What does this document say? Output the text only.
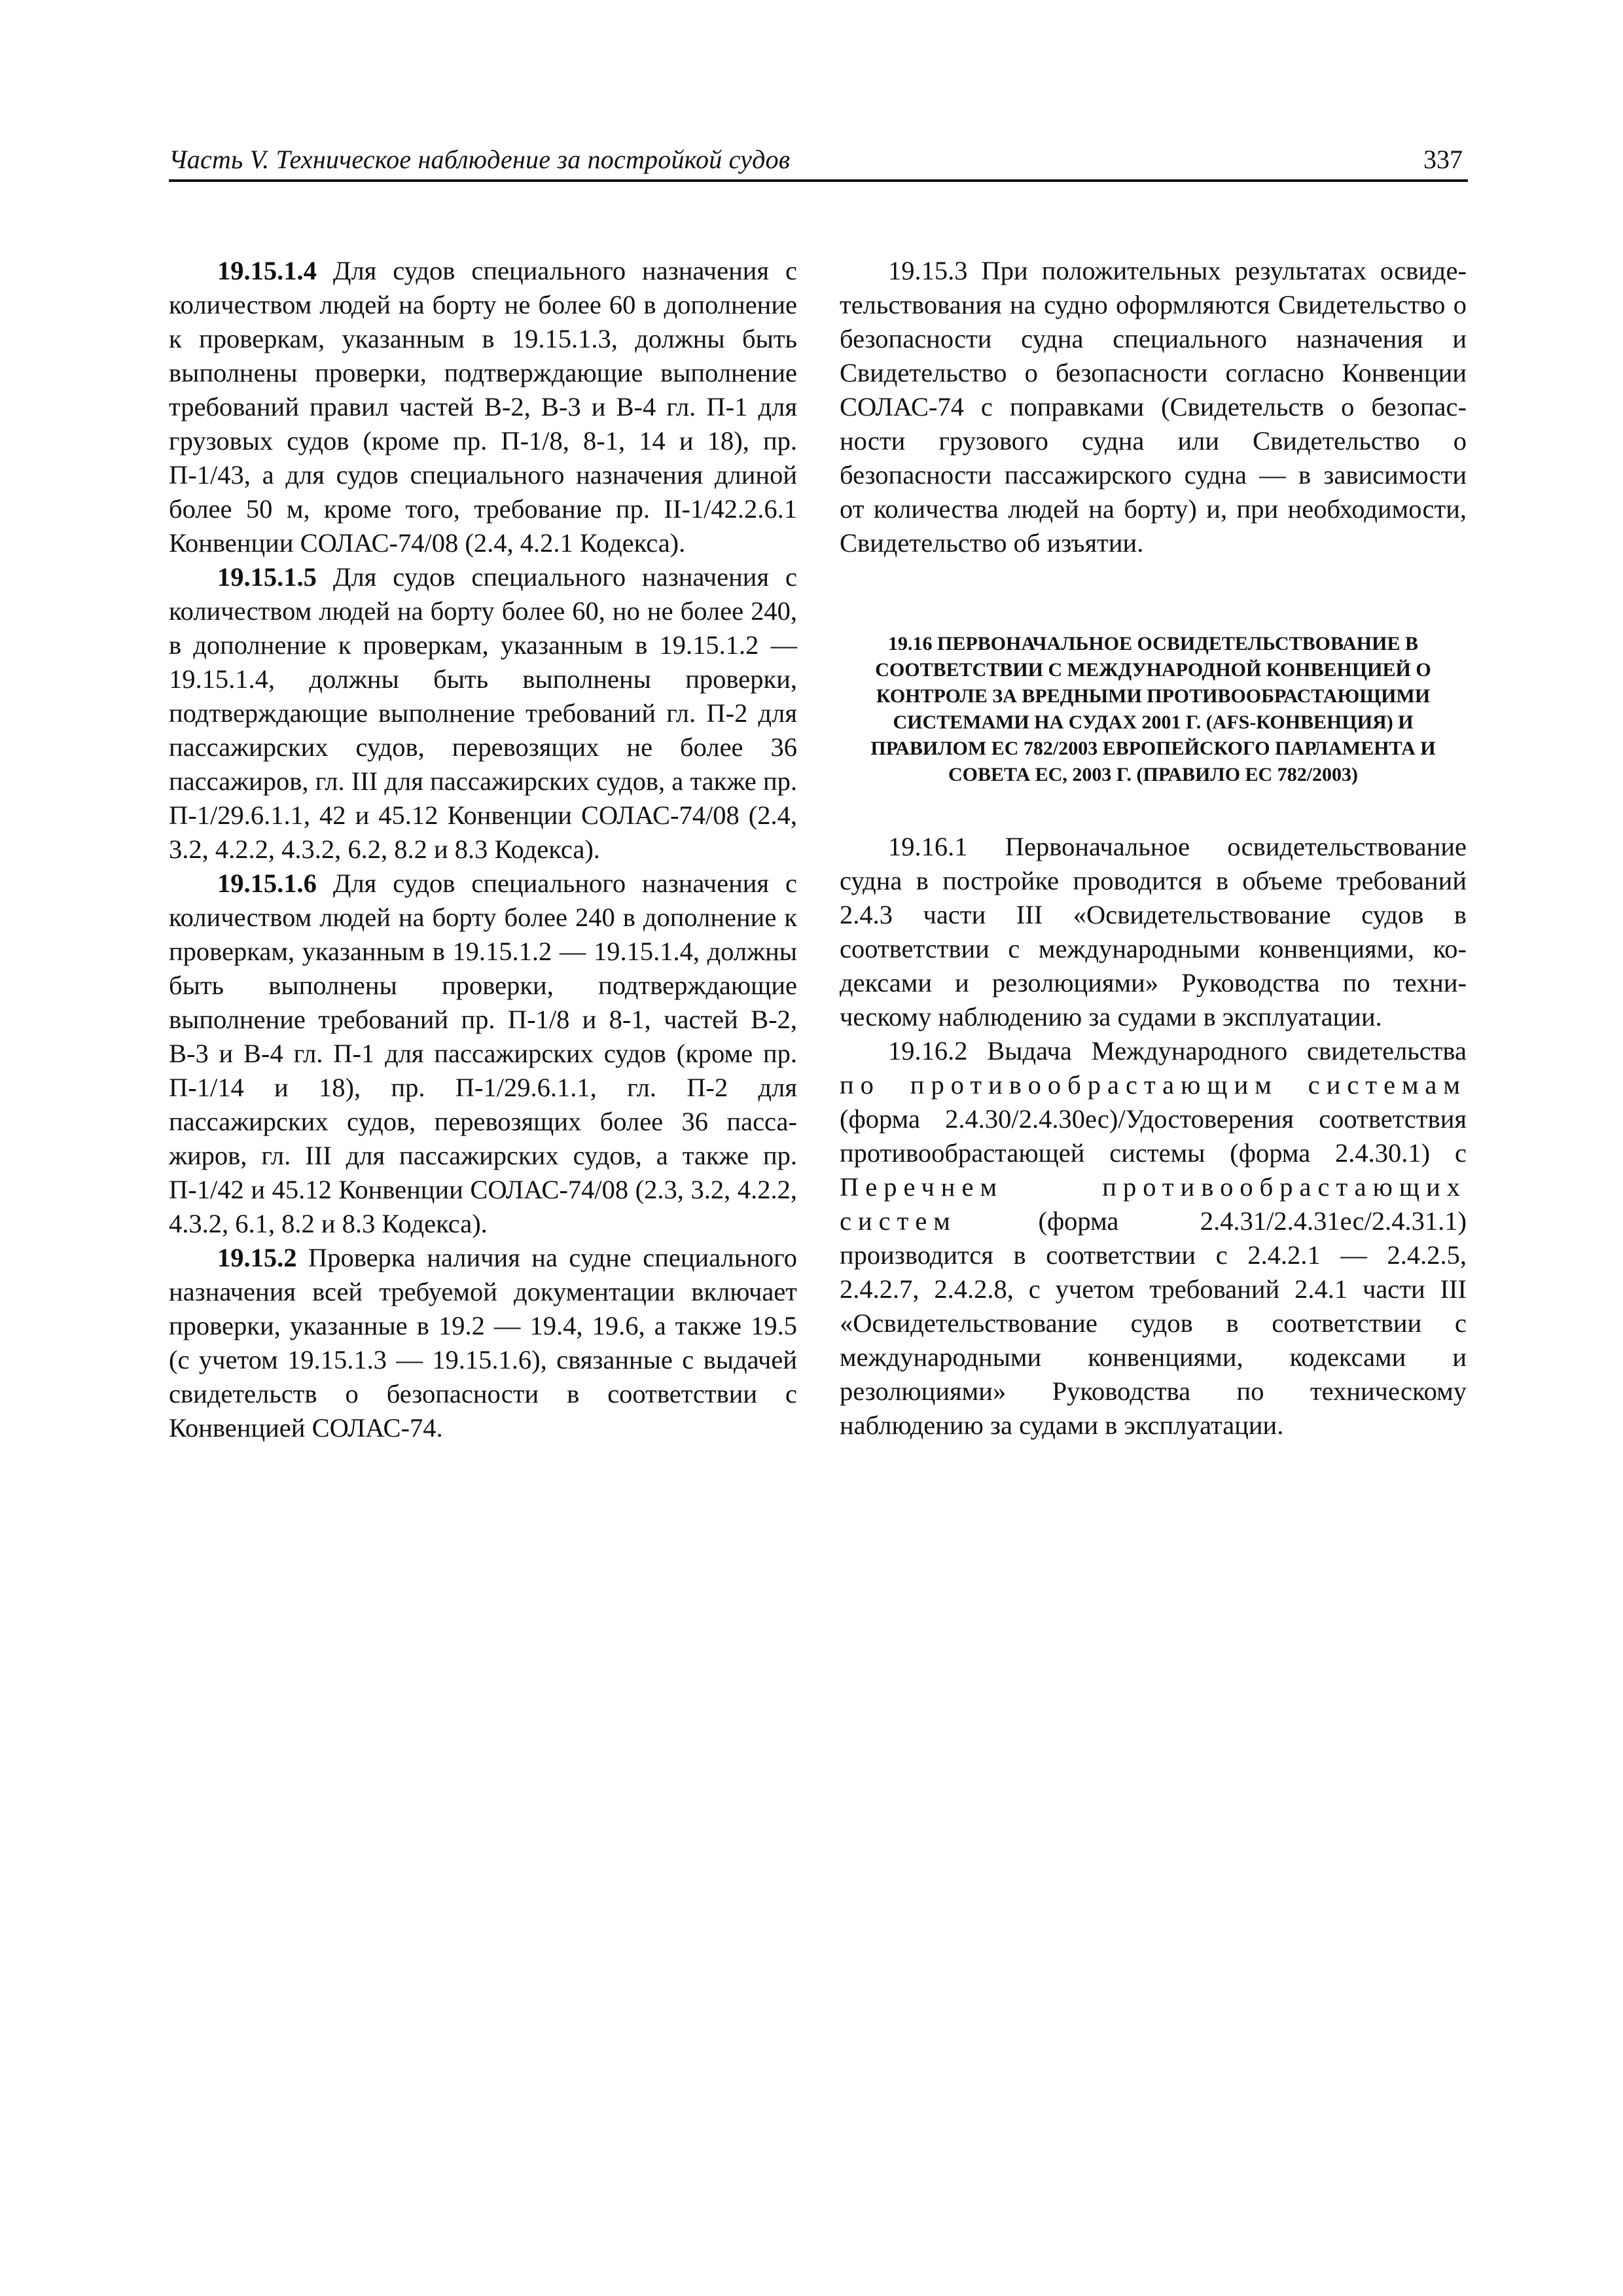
Часть V. Техническое наблюдение за постройкой судов	337

19.15.1.4 Для судов специального назначения с количеством людей на борту не более 60 в дополнение к проверкам, указанным в 19.15.1.3, должны быть выполнены проверки, подтверждающие выполнение требований правил частей В-2, В-3 и В-4 гл. П-1 для грузовых судов (кроме пр. П-1/8, 8-1, 14 и 18), пр. П-1/43, а для судов специального назначения длиной более 50 м, кроме того, требование пр. II-1/42.2.6.1 Конвенции СОЛАС-74/08 (2.4, 4.2.1 Кодекса).

19.15.1.5 Для судов специального назначения с количеством людей на борту более 60, но не более 240, в дополнение к проверкам, указанным в 19.15.1.2 — 19.15.1.4, должны быть выполнены проверки, подтверждающие выполнение требований гл. П-2 для пассажирских судов, перевозящих не более 36 пассажиров, гл. III для пассажирских судов, а также пр. П-1/29.6.1.1, 42 и 45.12 Конвенции СОЛАС-74/08 (2.4, 3.2, 4.2.2, 4.3.2, 6.2, 8.2 и 8.3 Кодекса).

19.15.1.6 Для судов специального назначения с количеством людей на борту более 240 в дополнение к проверкам, указанным в 19.15.1.2 — 19.15.1.4, должны быть выполнены проверки, подтверждающие выполнение требований пр. П-1/8 и 8-1, частей В-2, В-3 и В-4 гл. П-1 для пассажирских судов (кроме пр. П-1/14 и 18), пр. П-1/29.6.1.1, гл. П-2 для пассажирских судов, перевозящих более 36 пассажиров, гл. III для пассажирских судов, а также пр. П-1/42 и 45.12 Конвенции СОЛАС-74/08 (2.3, 3.2, 4.2.2, 4.3.2, 6.1, 8.2 и 8.3 Кодекса).

19.15.2 Проверка наличия на судне специального назначения всей требуемой документации включает проверки, указанные в 19.2 — 19.4, 19.6, а также 19.5 (с учетом 19.15.1.3 — 19.15.1.6), связанные с выдачей свидетельств о безопасности в соответствии с Конвенцией СОЛАС-74.

19.15.3 При положительных результатах освидетельствования на судно оформляются Свидетельство о безопасности судна специального назначения и Свидетельство о безопасности согласно Конвенции СОЛАС-74 с поправками (Свидетельств о безопасности грузового судна или Свидетельство о безопасности пассажирского судна — в зависимости от количества людей на борту) и, при необходимости, Свидетельство об изъятии.

19.16 ПЕРВОНАЧАЛЬНОЕ ОСВИДЕТЕЛЬСТВОВАНИЕ В СООТВЕТСТВИИ С МЕЖДУНАРОДНОЙ КОНВЕНЦИЕЙ О КОНТРОЛЕ ЗА ВРЕДНЫМИ ПРОТИВООБРАСТАЮЩИМИ СИСТЕМАМИ НА СУДАХ 2001 Г. (AFS-КОНВЕНЦИЯ) И ПРАВИЛОМ ЕС 782/2003 ЕВРОПЕЙСКОГО ПАРЛАМЕНТА И СОВЕТА ЕС, 2003 Г. (ПРАВИЛО ЕС 782/2003)

19.16.1 Первоначальное освидетельствование судна в постройке проводится в объеме требований 2.4.3 части III «Освидетельствование судов в соответствии с международными конвенциями, кодексами и резолюциями» Руководства по техническому наблюдению за судами в эксплуатации.

19.16.2 Выдача Международного свидетельства по противообрастающим системам (форма 2.4.30/2.4.30ес)/Удостоверения соответствия противообрастающей системы (форма 2.4.30.1) с Перечнем противообрастающих систем (форма 2.4.31/2.4.31ес/2.4.31.1) производится в соответствии с 2.4.2.1 — 2.4.2.5, 2.4.2.7, 2.4.2.8, с учетом требований 2.4.1 части III «Освидетельствование судов в соответствии с международными конвенциями, кодексами и резолюциями» Руководства по техническому наблюдению за судами в эксплуатации.
